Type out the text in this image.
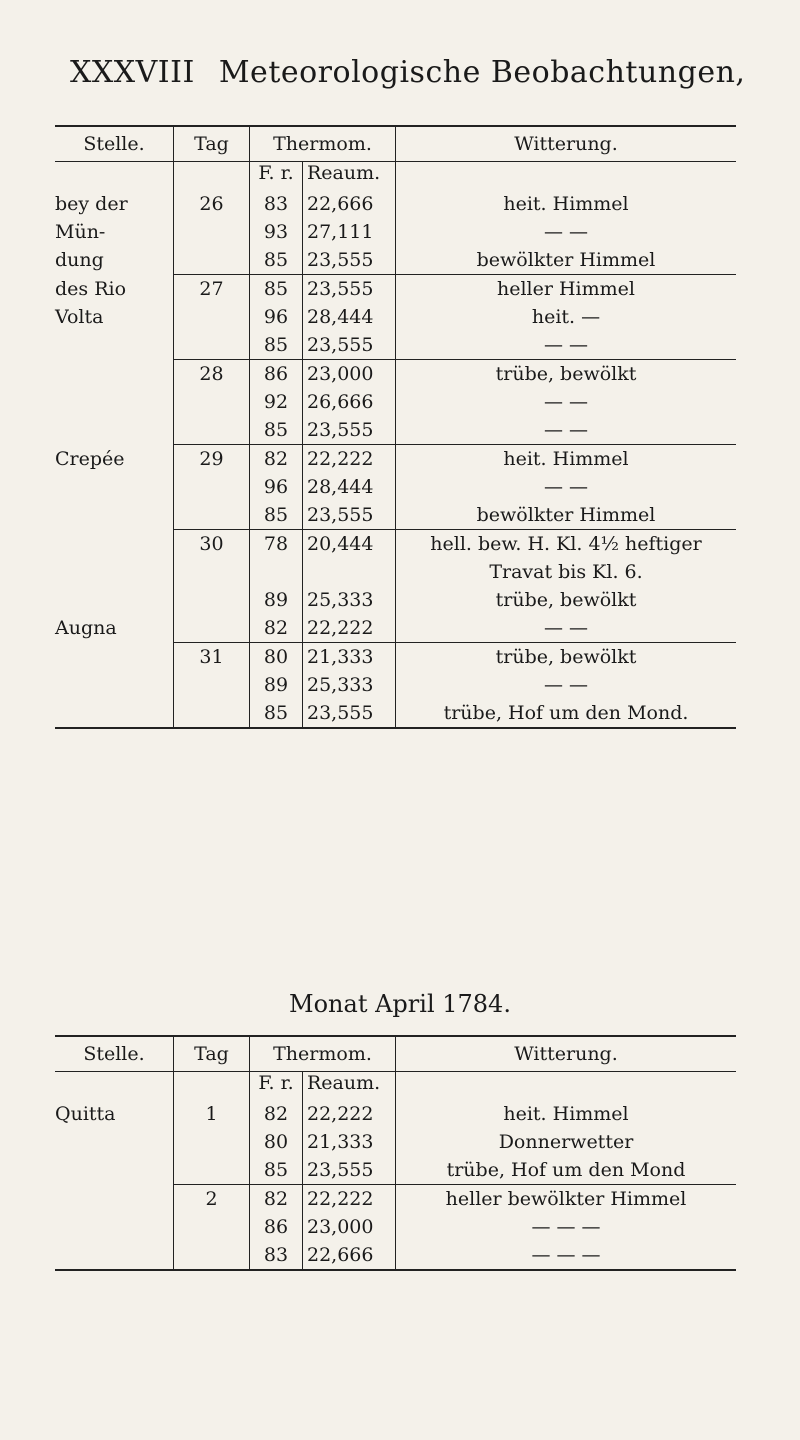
XXXVIII Meteorologische Beobachtungen,
Stelle.	Tag	Thermom.		Witterung.
		F. r.	Reaum.	
bey der	26	83	22,666	heit. Himmel
Mün-		93	27,111	— —
dung		85	23,555	bewölkter Himmel
des Rio	27	85	23,555	heller Himmel
Volta		96	28,444	heit. —
		85	23,555	— —
	28	86	23,000	trübe, bewölkt
		92	26,666	— —
		85	23,555	— —
Crepée	29	82	22,222	heit. Himmel
		96	28,444	— —
		85	23,555	bewölkter Himmel
	30	78	20,444	hell. bew. H. Kl. 4½ heftiger
				Travat bis Kl. 6.
		89	25,333	trübe, bewölkt
Augna		82	22,222	— —
	31	80	21,333	trübe, bewölkt
		89	25,333	— —
		85	23,555	trübe, Hof um den Mond.
Monat April 1784.
Stelle.	Tag	Thermom.		Witterung.
		F. r.	Reaum.	
Quitta	1	82	22,222	heit. Himmel
		80	21,333	Donnerwetter
		85	23,555	trübe, Hof um den Mond
	2	82	22,222	heller bewölkter Himmel
		86	23,000	— — —
		83	22,666	— — —
